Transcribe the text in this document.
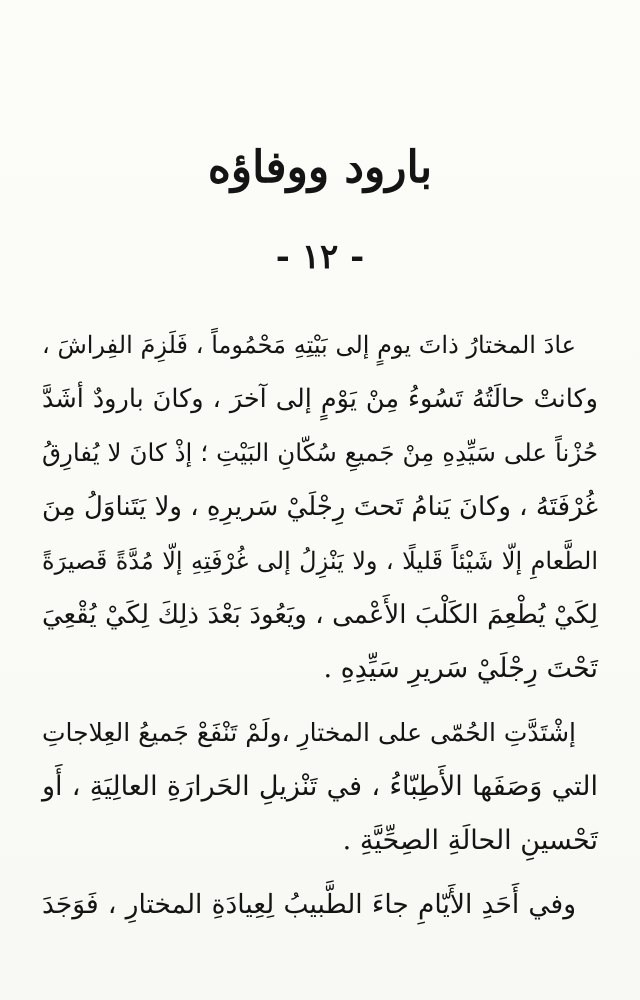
بارود ووفاؤه
- ١٢ -
عادَ المختارُ ذاتَ يومٍ إلى بَيْتِهِ مَحْمُوماً ، فَلَزِمَ الفِراشَ ،
وكانتْ حالَتُهُ تَسُوءُ مِنْ يَوْمٍ إلى آخرَ ، وكانَ بارودٌ أشَدَّ
حُزْناً على سَيِّدِهِ مِنْ جَميعِ سُكّانِ البَيْتِ ؛ إذْ كانَ لا يُفارِقُ
غُرْفَتَهُ ، وكانَ يَنامُ تَحتَ رِجْلَيْ سَريرِهِ ، ولا يَتَناوَلُ مِنَ
الطَّعامِ إلّا شَيْئاً قَليلًا ، ولا يَنْزِلُ إلى غُرْفَتِهِ إلّا مُدَّةً قَصيرَةً
لِكَيْ يُطْعِمَ الكَلْبَ الأَعْمى ، ويَعُودَ بَعْدَ ذلِكَ لِكَيْ يُقْعِيَ
تَحْتَ رِجْلَيْ سَريرِ سَيِّدِهِ .
إشْتَدَّتِ الحُمّى على المختارِ ،ولَمْ تَنْفَعْ جَميعُ العِلاجاتِ
التي وَصَفَها الأَطِبّاءُ ، في تَنْزيلِ الحَرارَةِ العالِيَةِ ، أَو
تَحْسينِ الحالَةِ الصِحِّيَّةِ .
وفي أَحَدِ الأَيّامِ جاءَ الطَّبيبُ لِعِيادَةِ المختارِ ، فَوَجَدَ
